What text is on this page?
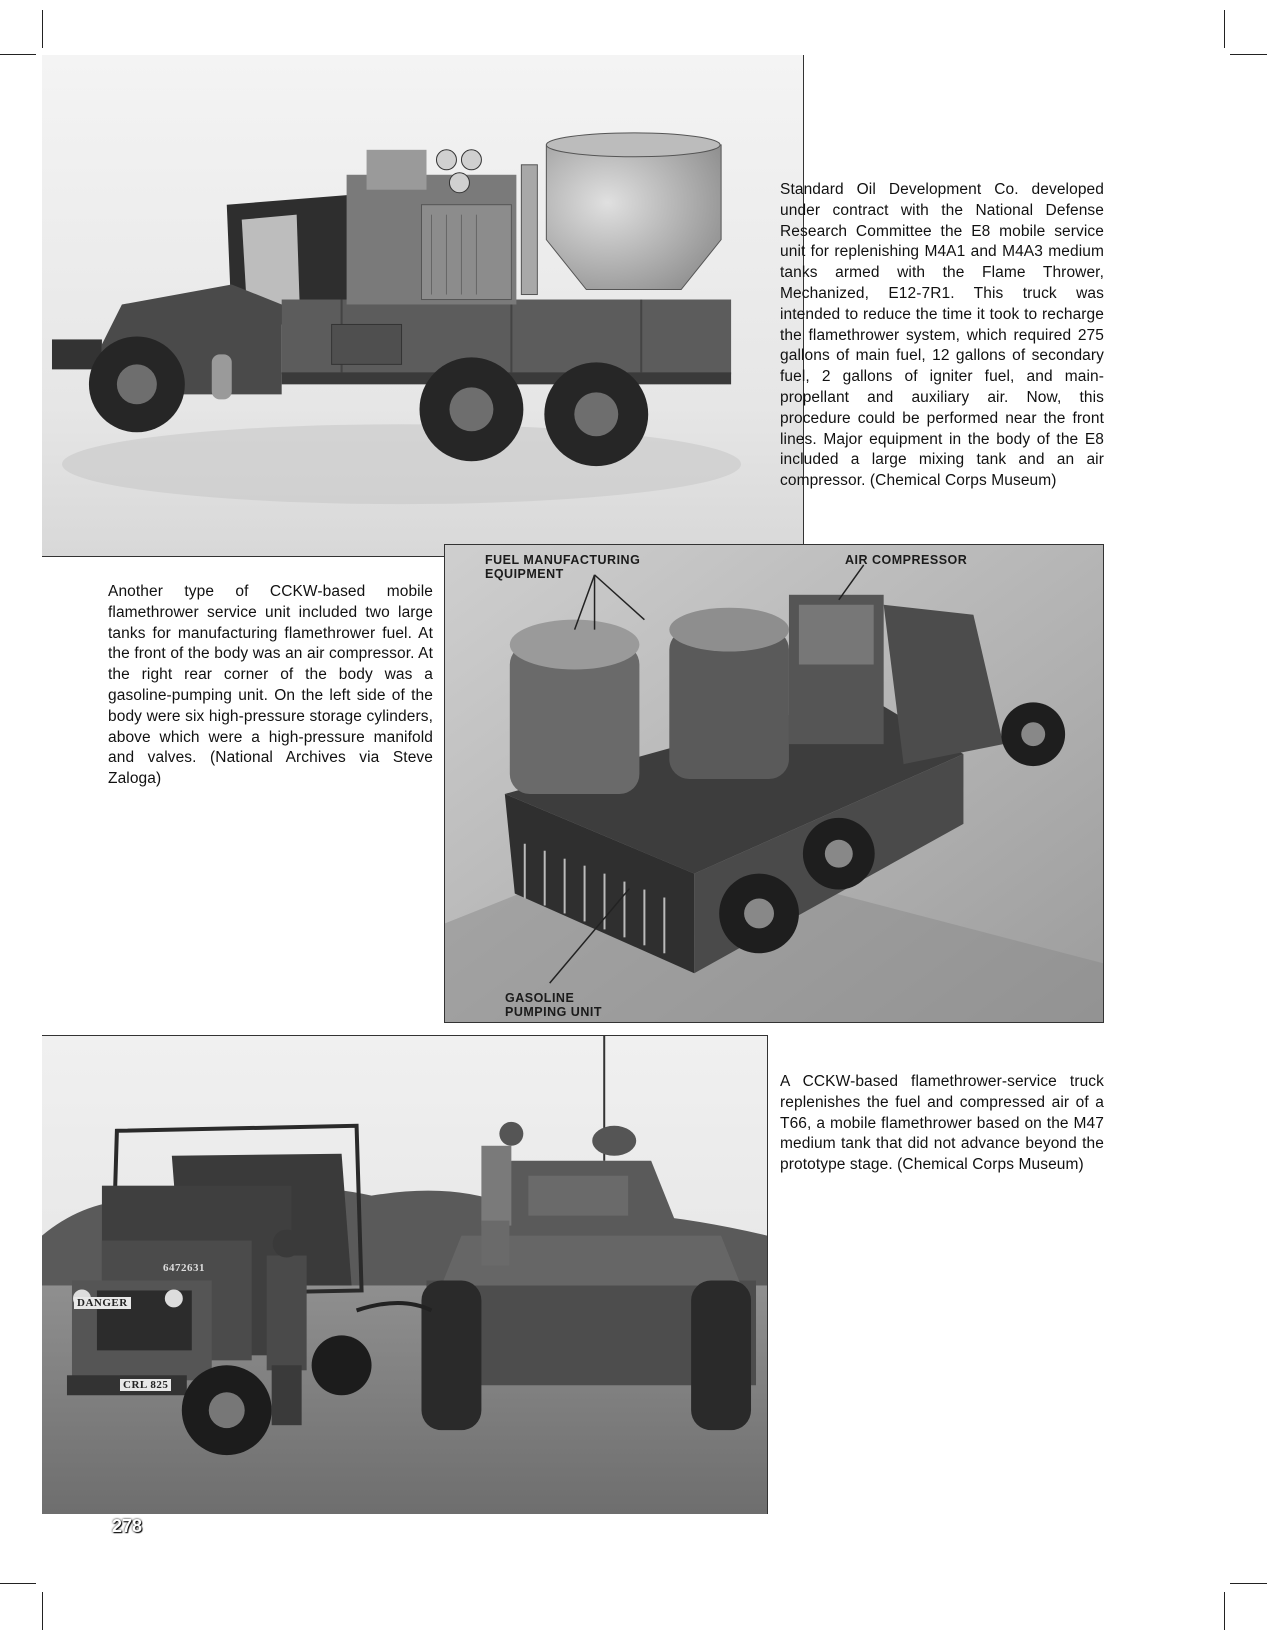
Standard Oil Development Co. developed under contract with the National Defense Research Committee the E8 mobile service unit for replenishing M4A1 and M4A3 medium tanks armed with the Flame Thrower, Mechanized, E12-7R1. This truck was intended to reduce the time it took to recharge the flamethrower system, which required 275 gallons of main fuel, 12 gallons of secondary fuel, 2 gallons of igniter fuel, and main-propellant and auxiliary air. Now, this procedure could be performed near the front lines. Major equipment in the body of the E8 included a large mixing tank and an air compressor. (Chemical Corps Museum)
FUEL MANUFACTURING
EQUIPMENT
AIR COMPRESSOR
GASOLINE
PUMPING UNIT
Another type of CCKW-based mobile flamethrower service unit included two large tanks for manufacturing flamethrower fuel. At the front of the body was an air compressor. At the right rear corner of the body was a gasoline-pumping unit. On the left side of the body were six high-pressure storage cylinders, above which were a high-pressure manifold and valves. (National Archives via Steve Zaloga)
CRL 825
6472631
DANGER
A CCKW-based flamethrower-service truck replenishes the fuel and compressed air of a T66, a mobile flamethrower based on the M47 medium tank that did not advance beyond the prototype stage. (Chemical Corps Museum)
278
